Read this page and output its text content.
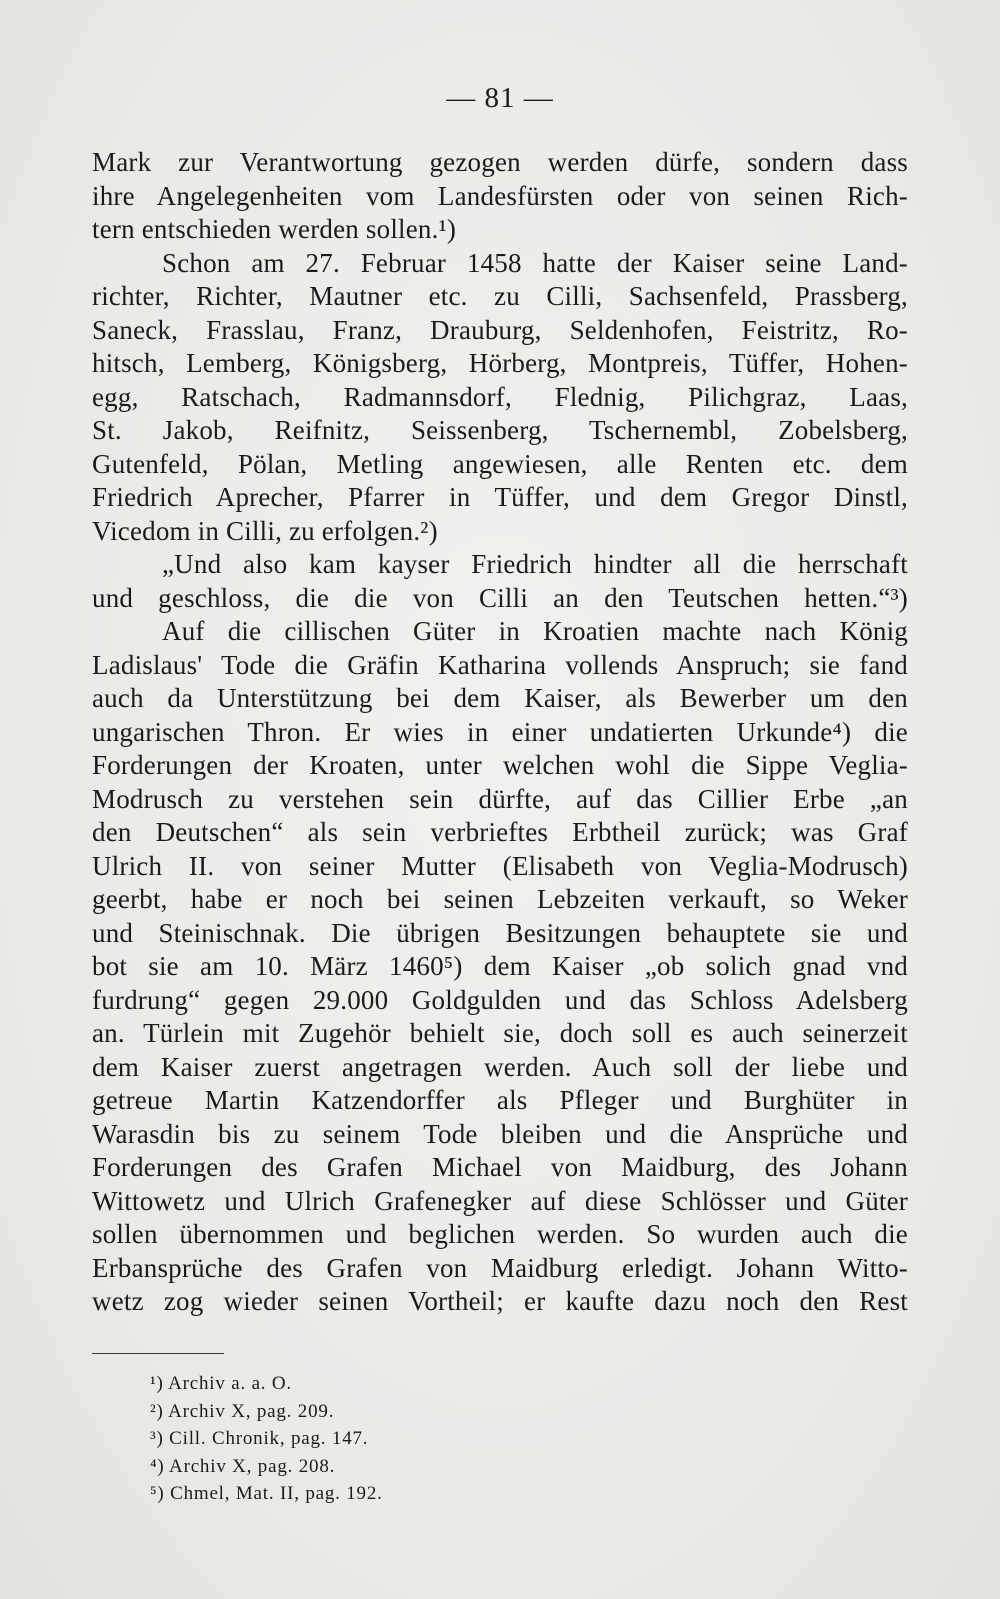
— 81 —
Mark zur Verantwortung gezogen werden dürfe, sondern dass
ihre Angelegenheiten vom Landesfürsten oder von seinen Rich-
tern entschieden werden sollen.¹)
Schon am 27. Februar 1458 hatte der Kaiser seine Land-
richter, Richter, Mautner etc. zu Cilli, Sachsenfeld, Prassberg,
Saneck, Frasslau, Franz, Drauburg, Seldenhofen, Feistritz, Ro-
hitsch, Lemberg, Königsberg, Hörberg, Montpreis, Tüffer, Hohen-
egg, Ratschach, Radmannsdorf, Flednig, Pilichgraz, Laas,
St. Jakob, Reifnitz, Seissenberg, Tschernembl, Zobelsberg,
Gutenfeld, Pölan, Metling angewiesen, alle Renten etc. dem
Friedrich Aprecher, Pfarrer in Tüffer, und dem Gregor Dinstl,
Vicedom in Cilli, zu erfolgen.²)
„Und also kam kayser Friedrich hindter all die herrschaft
und geschloss, die die von Cilli an den Teutschen hetten.“³)
Auf die cillischen Güter in Kroatien machte nach König
Ladislaus' Tode die Gräfin Katharina vollends Anspruch; sie fand
auch da Unterstützung bei dem Kaiser, als Bewerber um den
ungarischen Thron. Er wies in einer undatierten Urkunde⁴) die
Forderungen der Kroaten, unter welchen wohl die Sippe Veglia-
Modrusch zu verstehen sein dürfte, auf das Cillier Erbe „an
den Deutschen“ als sein verbrieftes Erbtheil zurück; was Graf
Ulrich II. von seiner Mutter (Elisabeth von Veglia-Modrusch)
geerbt, habe er noch bei seinen Lebzeiten verkauft, so Weker
und Steinischnak. Die übrigen Besitzungen behauptete sie und
bot sie am 10. März 1460⁵) dem Kaiser „ob solich gnad vnd
furdrung“ gegen 29.000 Goldgulden und das Schloss Adelsberg
an. Türlein mit Zugehör behielt sie, doch soll es auch seinerzeit
dem Kaiser zuerst angetragen werden. Auch soll der liebe und
getreue Martin Katzendorffer als Pfleger und Burghüter in
Warasdin bis zu seinem Tode bleiben und die Ansprüche und
Forderungen des Grafen Michael von Maidburg, des Johann
Wittowetz und Ulrich Grafenegker auf diese Schlösser und Güter
sollen übernommen und beglichen werden. So wurden auch die
Erbansprüche des Grafen von Maidburg erledigt. Johann Witto-
wetz zog wieder seinen Vortheil; er kaufte dazu noch den Rest
¹) Archiv a. a. O.
²) Archiv X, pag. 209.
³) Cill. Chronik, pag. 147.
⁴) Archiv X, pag. 208.
⁵) Chmel, Mat. II, pag. 192.
